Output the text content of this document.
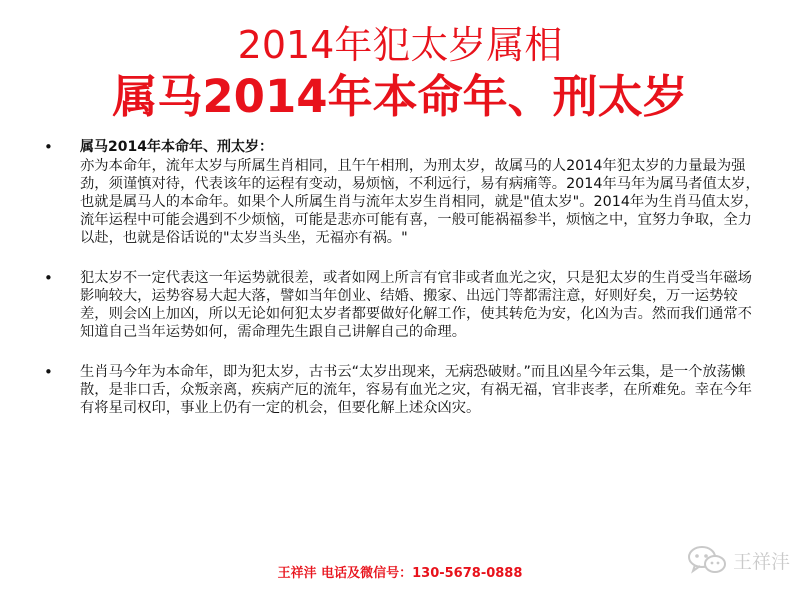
2014年犯太岁属相
属马2014年本命年、刑太岁
• 属马2014年本命年、刑太岁：
亦为本命年，流年太岁与所属生肖相同，且午午相刑，为刑太岁，故属马的人2014年犯太岁的力量最为强劲，须谨慎对待，代表该年的运程有变动，易烦恼，不利远行，易有病痛等。2014年马年为属马者值太岁，也就是属马人的本命年。如果个人所属生肖与流年太岁生肖相同，就是"值太岁"。2014年为生肖马值太岁，流年运程中可能会遇到不少烦恼，可能是悲亦可能有喜，一般可能祸福参半，烦恼之中，宜努力争取，全力以赴，也就是俗话说的"太岁当头坐，无福亦有祸。"
• 犯太岁不一定代表这一年运势就很差，或者如网上所言有官非或者血光之灾，只是犯太岁的生肖受当年磁场影响较大，运势容易大起大落，譬如当年创业、结婚、搬家、出远门等都需注意，好则好矣，万一运势较差，则会凶上加凶，所以无论如何犯太岁者都要做好化解工作，使其转危为安，化凶为吉。然而我们通常不知道自己当年运势如何，需命理先生跟自己讲解自己的命理。
• 生肖马今年为本命年，即为犯太岁，古书云“太岁出现来，无病恐破财。”而且凶星今年云集，是一个放荡懒散，是非口舌，众叛亲离，疾病产厄的流年，容易有血光之灾，有祸无福，官非丧孝，在所难免。幸在今年有将星司权印，事业上仍有一定的机会，但要化解上述众凶灾。
王祥沣 电话及微信号：130-5678-0888
王祥沣
